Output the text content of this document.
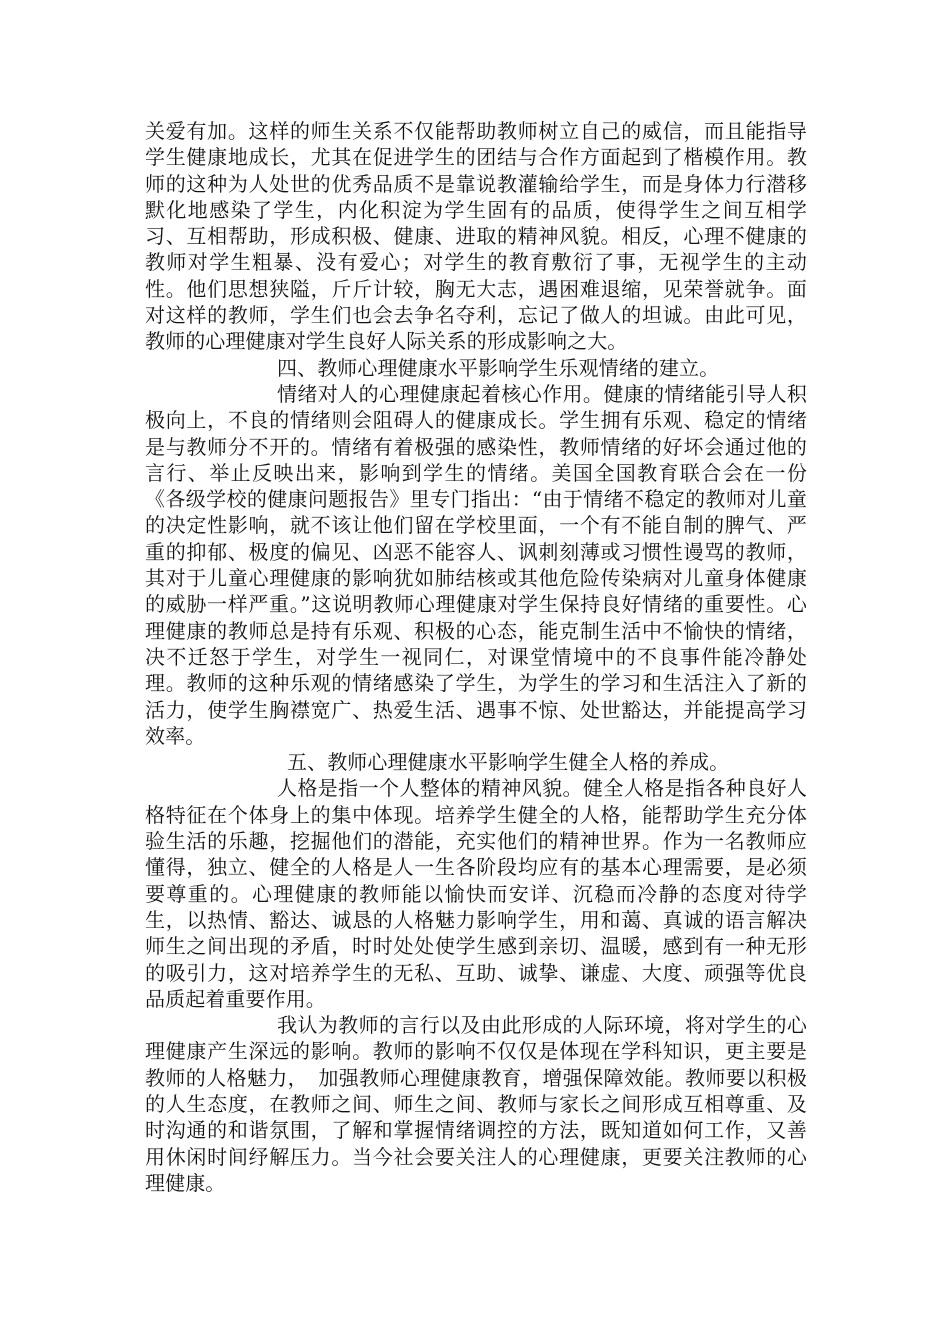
关爱有加。这样的师生关系不仅能帮助教师树立自己的威信，而且能指导学生健康地成长，尤其在促进学生的团结与合作方面起到了楷模作用。教师的这种为人处世的优秀品质不是靠说教灌输给学生，而是身体力行潜移默化地感染了学生，内化积淀为学生固有的品质，使得学生之间互相学习、互相帮助，形成积极、健康、进取的精神风貌。相反，心理不健康的教师对学生粗暴、没有爱心；对学生的教育敷衍了事，无视学生的主动性。他们思想狭隘，斤斤计较，胸无大志，遇困难退缩，见荣誉就争。面对这样的教师，学生们也会去争名夺利，忘记了做人的坦诚。由此可见，教师的心理健康对学生良好人际关系的形成影响之大。

四、教师心理健康水平影响学生乐观情绪的建立。

情绪对人的心理健康起着核心作用。健康的情绪能引导人积极向上，不良的情绪则会阻碍人的健康成长。学生拥有乐观、稳定的情绪是与教师分不开的。情绪有着极强的感染性，教师情绪的好坏会通过他的言行、举止反映出来，影响到学生的情绪。美国全国教育联合会在一份《各级学校的健康问题报告》里专门指出：“由于情绪不稳定的教师对儿童的决定性影响，就不该让他们留在学校里面，一个有不能自制的脾气、严重的抑郁、极度的偏见、凶恶不能容人、讽刺刻薄或习惯性谩骂的教师，其对于儿童心理健康的影响犹如肺结核或其他危险传染病对儿童身体健康的威胁一样严重。”这说明教师心理健康对学生保持良好情绪的重要性。心理健康的教师总是持有乐观、积极的心态，能克制生活中不愉快的情绪，决不迁怒于学生，对学生一视同仁，对课堂情境中的不良事件能冷静处理。教师的这种乐观的情绪感染了学生，为学生的学习和生活注入了新的活力，使学生胸襟宽广、热爱生活、遇事不惊、处世豁达，并能提高学习效率。

五、教师心理健康水平影响学生健全人格的养成。

人格是指一个人整体的精神风貌。健全人格是指各种良好人格特征在个体身上的集中体现。培养学生健全的人格，能帮助学生充分体验生活的乐趣，挖掘他们的潜能，充实他们的精神世界。作为一名教师应懂得，独立、健全的人格是人一生各阶段均应有的基本心理需要，是必须要尊重的。心理健康的教师能以愉快而安详、沉稳而冷静的态度对待学生，以热情、豁达、诚恳的人格魅力影响学生，用和蔼、真诚的语言解决师生之间出现的矛盾，时时处处使学生感到亲切、温暖，感到有一种无形的吸引力，这对培养学生的无私、互助、诚挚、谦虚、大度、顽强等优良品质起着重要作用。

我认为教师的言行以及由此形成的人际环境，将对学生的心理健康产生深远的影响。教师的影响不仅仅是体现在学科知识，更主要是教师的人格魅力，　加强教师心理健康教育，增强保障效能。教师要以积极的人生态度，在教师之间、师生之间、教师与家长之间形成互相尊重、及时沟通的和谐氛围，了解和掌握情绪调控的方法，既知道如何工作，又善用休闲时间纾解压力。当今社会要关注人的心理健康，更要关注教师的心理健康。
